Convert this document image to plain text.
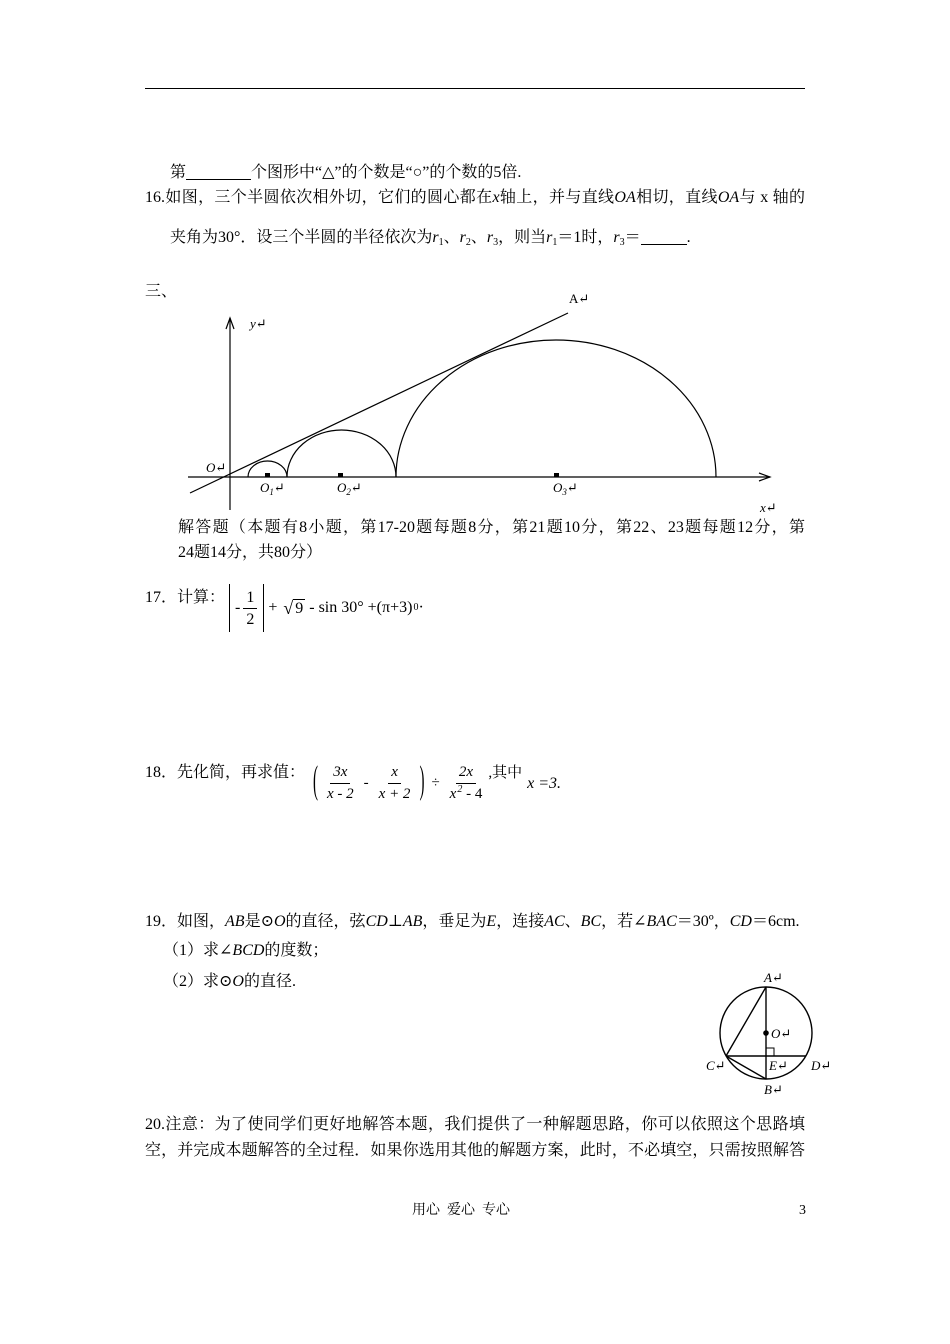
第	个图形中“△”的个数是“○”的个数的5倍.
16.如图，三个半圆依次相外切，它们的圆心都在x轴上，并与直线OA相切，直线OA与 x 轴的
夹角为30°．设三个半圆的半径依次为r1、r2、r3，则当r1＝1时，r3＝	.
三、	A↵
y↵
O↵
$O_1↵$	$O_2↵$	$O_3↵$
x↵
解答题（本题有8小题，第17-20题每题8分，第21题10分，第22、23题每题12分，第
24题14分，共80分）
17．计算：
- $\frac{1}{2}$ + √ 9 - sin 30° + (π+3) 0 ·
18．先化简，再求值： ( $\frac{3x}{x - 2} - \frac{x}{x + 2}$ ) ÷ $\frac{2x}{x^2 - 4}$ ,其中
x =3.
19．如图，AB是⊙O的直径，弦CD⊥AB，垂足为E，连接AC、BC，若∠BAC＝30º，CD＝6cm.
（1）求∠BCD的度数；
（2）求⊙O的直径.	A↵
O↵
C↵	E↵ D↵
B↵
20.注意：为了使同学们更好地解答本题，我们提供了一种解题思路，你可以依照这个思路填
空，并完成本题解答的全过程．如果你选用其他的解题方案，此时，不必填空，只需按照解答
用心  爱心  专心	3
